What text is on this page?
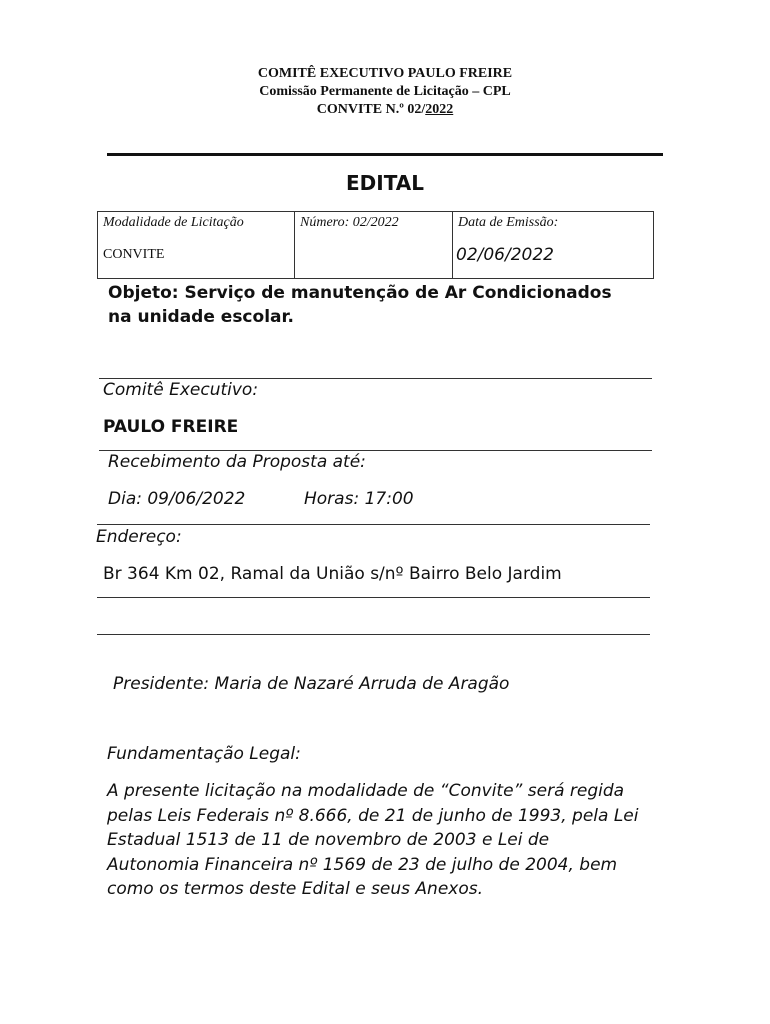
COMITÊ EXECUTIVO PAULO FREIRE
Comissão Permanente de Licitação – CPL
CONVITE N.º 02/2022
EDITAL
Modalidade de Licitação
CONVITE
Número: 02/2022	Data de Emissão:
02/06/2022
Objeto: Serviço de manutenção de Ar Condicionados
na unidade escolar.
Comitê Executivo:
PAULO FREIRE
Recebimento da Proposta até:
Dia: 09/06/2022	Horas: 17:00
Endereço:
Br 364 Km 02, Ramal da União s/nº Bairro Belo Jardim
Presidente: Maria de Nazaré Arruda de Aragão
Fundamentação Legal:
A presente licitação na modalidade de “Convite” será regida
pelas Leis Federais nº 8.666, de 21 de junho de 1993, pela Lei
Estadual 1513 de 11 de novembro de 2003 e Lei de
Autonomia Financeira nº 1569 de 23 de julho de 2004, bem
como os termos deste Edital e seus Anexos.
